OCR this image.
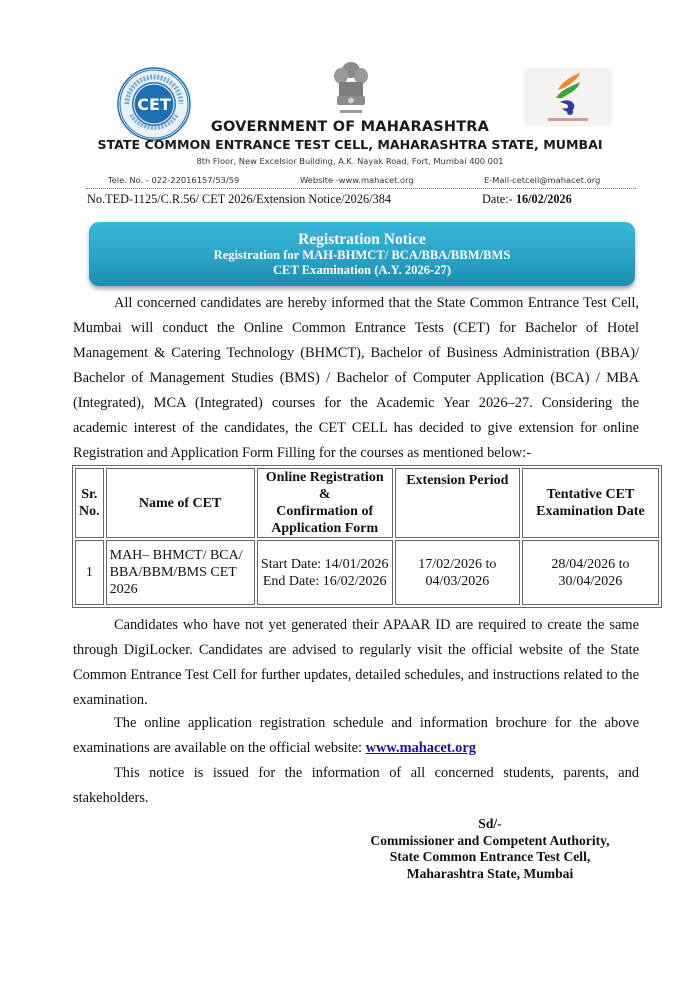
CET
GOVERNMENT OF MAHARASHTRA
STATE COMMON ENTRANCE TEST CELL, MAHARASHTRA STATE, MUMBAI
8th Floor, New Excelsior Building, A.K. Nayak Road, Fort, Mumbai 400 001
Tele. No. - 022-22016157/53/59	Website -www.mahacet.org	E-Mail-cetcell@mahacet.org
No.TED-1125/C.R.56/ CET 2026/Extension Notice/2026/384	Date:- 16/02/2026
Registration Notice
Registration for MAH-BHMCT/ BCA/BBA/BBM/BMS
CET Examination (A.Y. 2026-27)
All concerned candidates are hereby informed that the State Common Entrance Test Cell, Mumbai will conduct the Online Common Entrance Tests (CET) for Bachelor of Hotel Management & Catering Technology (BHMCT), Bachelor of Business Administration (BBA)/ Bachelor of Management Studies (BMS) / Bachelor of Computer Application (BCA) / MBA (Integrated), MCA (Integrated) courses for the Academic Year 2026–27. Considering the academic interest of the candidates, the CET CELL has decided to give extension for online Registration and Application Form Filling for the courses as mentioned below:-
Sr.
No.	Name of CET	Online Registration &
Confirmation of
Application Form	Extension Period	Tentative CET
Examination Date
1	MAH– BHMCT/ BCA/
BBA/BBM/BMS CET
2026	Start Date: 14/01/2026
End Date: 16/02/2026	17/02/2026 to
04/03/2026	28/04/2026 to
30/04/2026
Candidates who have not yet generated their APAAR ID are required to create the same through DigiLocker. Candidates are advised to regularly visit the official website of the State Common Entrance Test Cell for further updates, detailed schedules, and instructions related to the examination.
The online application registration schedule and information brochure for the above examinations are available on the official website: www.mahacet.org
This notice is issued for the information of all concerned students, parents, and stakeholders.
Sd/-
Commissioner and Competent Authority,
State Common Entrance Test Cell,
Maharashtra State, Mumbai
